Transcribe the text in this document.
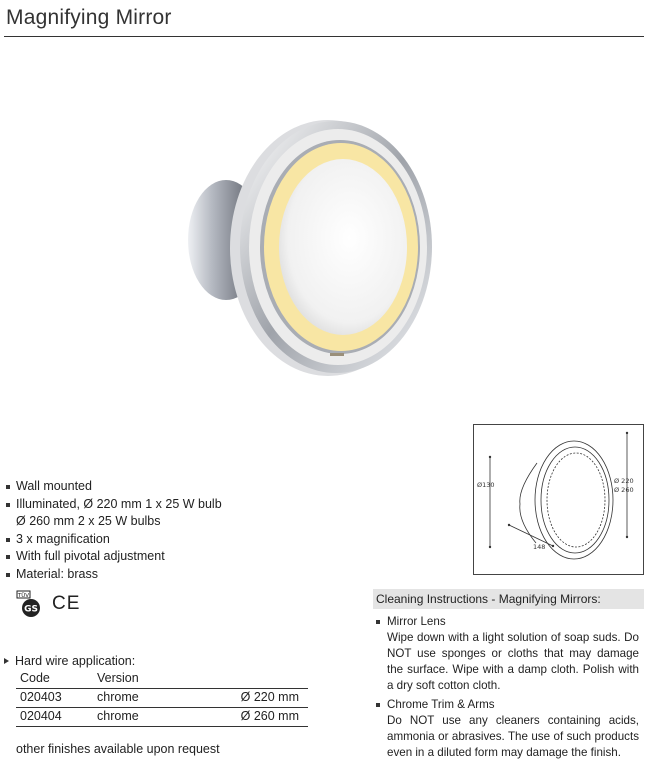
Magnifying Mirror
Wall mounted
Illuminated, Ø 220 mm 1 x 25 W bulb
Ø 260 mm 2 x 25 W bulbs
3 x magnification
With full pivotal adjustment
Material: brass
TÜV
GS CE
Hard wire application:
Code	Version
020403	chrome	Ø 220 mm
020404	chrome	Ø 260 mm
other finishes available upon request
Ø130	Ø 220
Ø 260
148
Cleaning Instructions - Magnifying Mirrors:
Mirror Lens
Wipe down with a light solution of soap suds. Do NOT use sponges or cloths that may damage the surface. Wipe with a damp cloth. Polish with a dry soft cotton cloth.
Chrome Trim & Arms
Do NOT use any cleaners containing acids, ammonia or abrasives. The use of such products even in a diluted form may damage the finish.
